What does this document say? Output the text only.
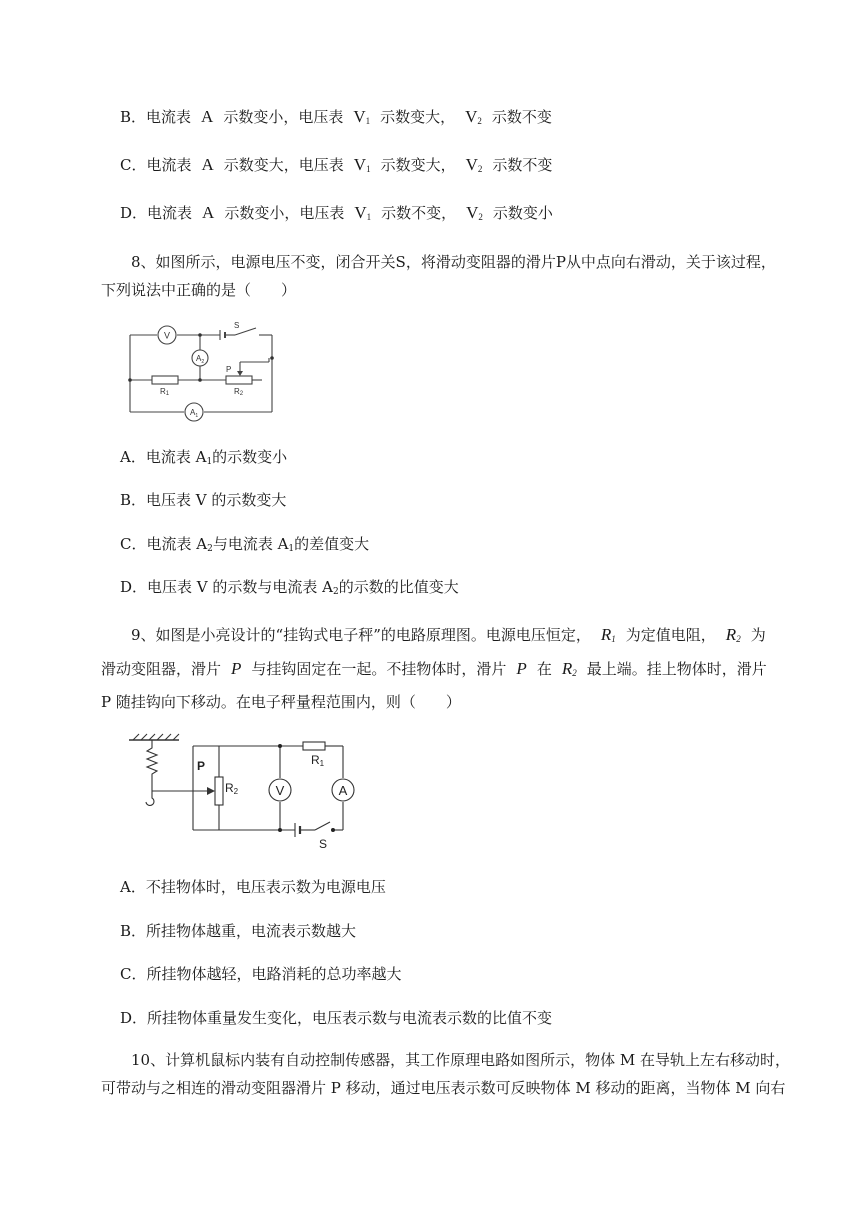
B．电流表 A 示数变小，电压表 $V_1$ 示数变大， $V_2$ 示数不变
C．电流表 A 示数变大，电压表 $V_1$ 示数变大， $V_2$ 示数不变
D．电流表 A 示数变小，电压表 $V_1$ 示数不变， $V_2$ 示数变小
8、如图所示，电源电压不变，闭合开关S，将滑动变阻器的滑片P从中点向右滑动，关于该过程，
下列说法中正确的是（　　）
V
S
$A_2$
P
R1	R2
$A_1$
A．电流表 $A_1$的示数变小
B．电压表 V 的示数变大
C．电流表 $A_2$与电流表 $A_1$的差值变大
D．电压表 V 的示数与电流表 $A_2$的示数的比值变大
9、如图是小亮设计的“挂钩式电子秤”的电路原理图。电源电压恒定， $R_1$ 为定值电阻， $R_2$ 为
滑动变阻器，滑片 P 与挂钩固定在一起。不挂物体时，滑片 P 在 $R_2$ 最上端。挂上物体时，滑片
P 随挂钩向下移动。在电子秤量程范围内，则（　　）
P
R2
R1
V	A
S
A．不挂物体时，电压表示数为电源电压
B．所挂物体越重，电流表示数越大
C．所挂物体越轻，电路消耗的总功率越大
D．所挂物体重量发生变化，电压表示数与电流表示数的比值不变
10、计算机鼠标内装有自动控制传感器，其工作原理电路如图所示，物体 M 在导轨上左右移动时，
可带动与之相连的滑动变阻器滑片 P 移动，通过电压表示数可反映物体 M 移动的距离，当物体 M 向右
